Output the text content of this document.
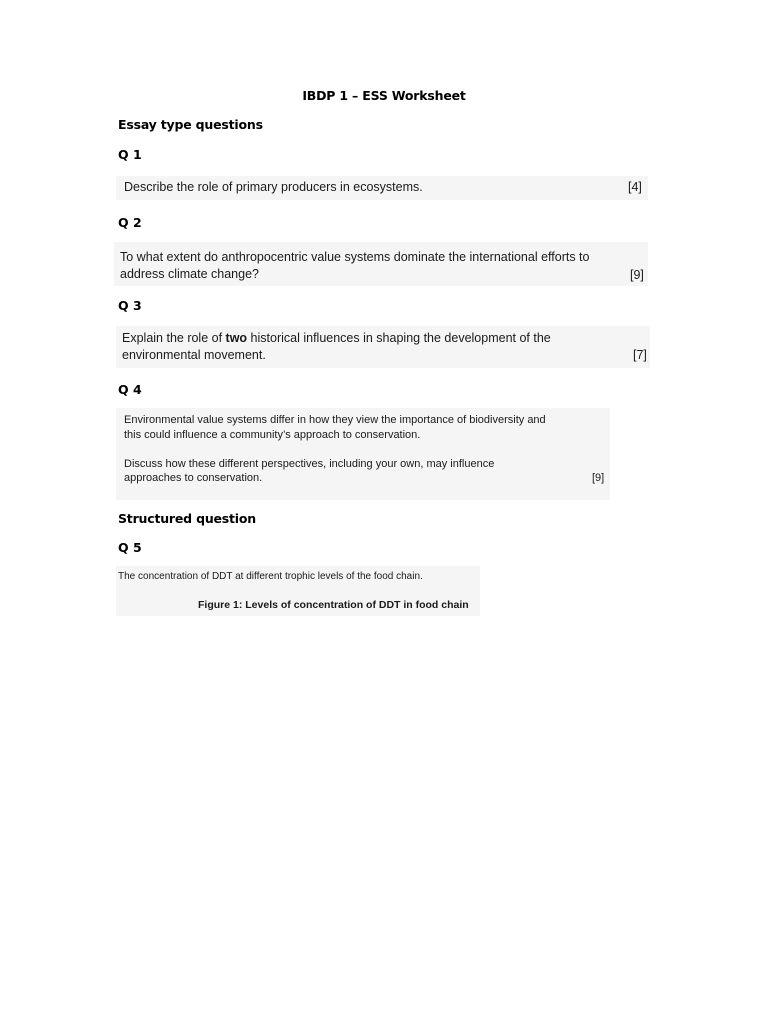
IBDP 1 – ESS Worksheet
Essay type questions
Q 1
Describe the role of primary producers in ecosystems.	[4]
Q 2
To what extent do anthropocentric value systems dominate the international efforts to
address climate change?	[9]
Q 3
Explain the role of two historical influences in shaping the development of the
environmental movement.	[7]
Q 4
Environmental value systems differ in how they view the importance of biodiversity and
this could influence a community’s approach to conservation.
Discuss how these different perspectives, including your own, may influence
approaches to conservation.	[9]
Structured question
Q 5
The concentration of DDT at different trophic levels of the food chain.
Figure 1: Levels of concentration of DDT in food chain
